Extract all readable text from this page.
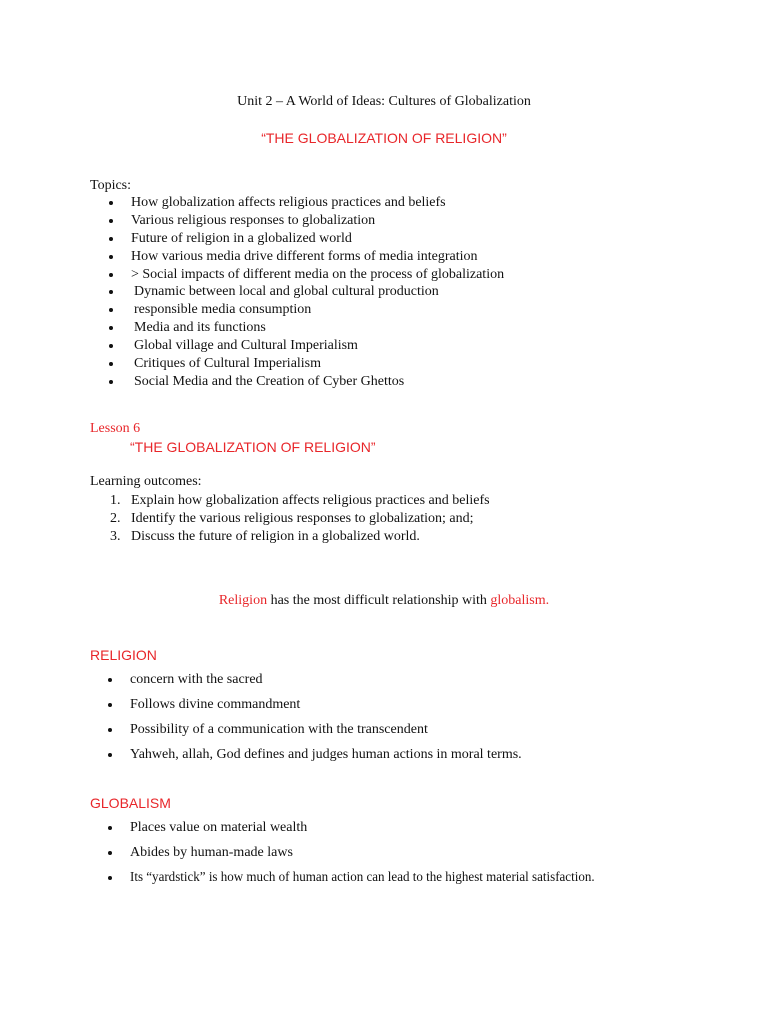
Unit 2 – A World of Ideas: Cultures of Globalization
“THE GLOBALIZATION OF RELIGION”
Topics:
How globalization affects religious practices and beliefs
Various religious responses to globalization
Future of religion in a globalized world
How various media drive different forms of media integration
> Social impacts of different media on the process of globalization
Dynamic between local and global cultural production
responsible media consumption
Media and its functions
Global village and Cultural Imperialism
Critiques of Cultural Imperialism
Social Media and the Creation of Cyber Ghettos
Lesson 6
“THE GLOBALIZATION OF RELIGION”
Learning outcomes:
1. Explain how globalization affects religious practices and beliefs
2. Identify the various religious responses to globalization; and;
3. Discuss the future of religion in a globalized world.
Religion has the most difficult relationship with globalism.
RELIGION
concern with the sacred
Follows divine commandment
Possibility of a communication with the transcendent
Yahweh, allah, God defines and judges human actions in moral terms.
GLOBALISM
Places value on material wealth
Abides by human-made laws
Its “yardstick” is how much of human action can lead to the highest material satisfaction.
